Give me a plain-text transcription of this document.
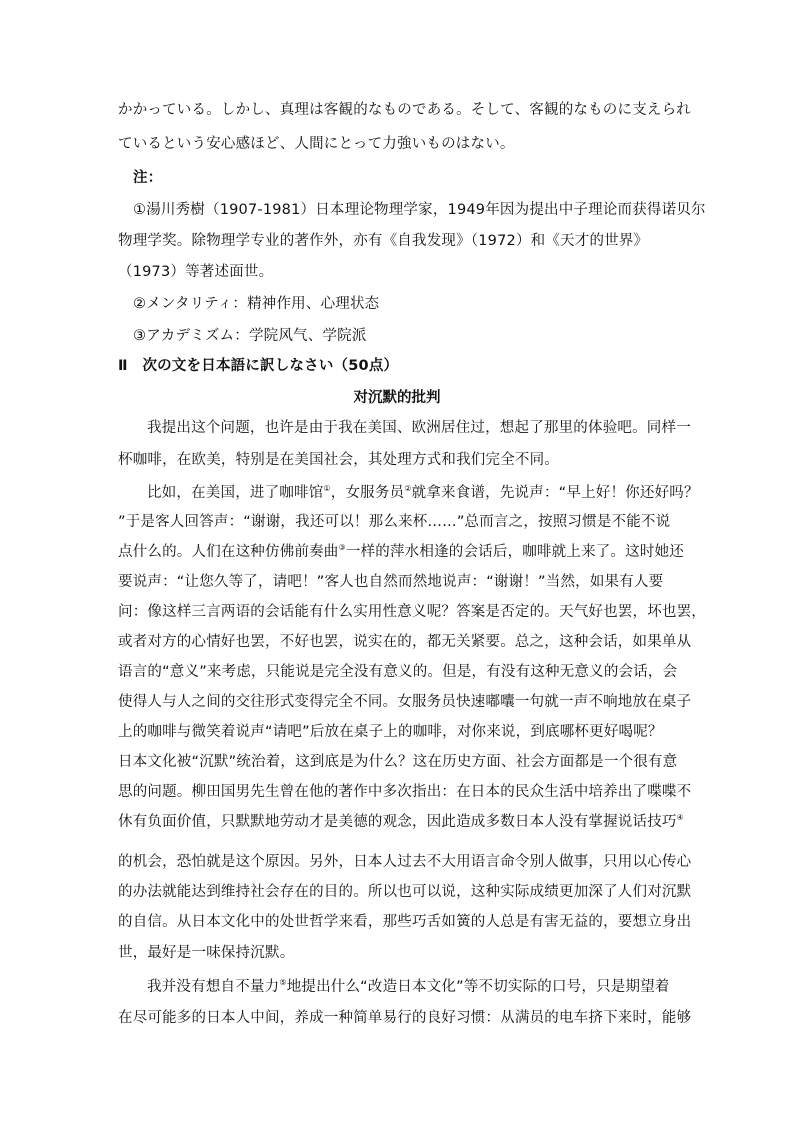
かかっている。しかし、真理は客観的なものである。そして、客観的なものに支えられ
ているという安心感ほど、人間にとって力強いものはない。
注：
①湯川秀樹（1907-1981）日本理论物理学家，1949年因为提出中子理论而获得诺贝尔
物理学奖。除物理学专业的著作外，亦有《自我发现》（1972）和《天才的世界》
（1973）等著述面世。
②メンタリティ：精神作用、心理状态
③アカデミズム：学院风气、学院派
Ⅱ　次の文を日本語に訳しなさい（50点）
对沉默的批判
我提出这个问题，也许是由于我在美国、欧洲居住过，想起了那里的体验吧。同样一
杯咖啡，在欧美，特别是在美国社会，其处理方式和我们完全不同。
比如，在美国，进了咖啡馆①，女服务员②就拿来食谱，先说声：“早上好！你还好吗？
”于是客人回答声：“谢谢，我还可以！那么来杯……”总而言之，按照习惯是不能不说
点什么的。人们在这种仿佛前奏曲③一样的萍水相逢的会话后，咖啡就上来了。这时她还
要说声：“让您久等了，请吧！”客人也自然而然地说声：“谢谢！”当然，如果有人要
问：像这样三言两语的会话能有什么实用性意义呢？答案是否定的。天气好也罢，坏也罢，
或者对方的心情好也罢，不好也罢，说实在的，都无关紧要。总之，这种会话，如果单从
语言的“意义”来考虑，只能说是完全没有意义的。但是，有没有这种无意义的会话，会
使得人与人之间的交往形式变得完全不同。女服务员快速嘟囔一句就一声不响地放在桌子
上的咖啡与微笑着说声“请吧”后放在桌子上的咖啡，对你来说，到底哪杯更好喝呢？
日本文化被“沉默”统治着，这到底是为什么？这在历史方面、社会方面都是一个很有意
思的问题。柳田国男先生曾在他的著作中多次指出：在日本的民众生活中培养出了喋喋不
休有负面价值，只默默地劳动才是美德的观念，因此造成多数日本人没有掌握说话技巧④
的机会，恐怕就是这个原因。另外，日本人过去不大用语言命令别人做事，只用以心传心
的办法就能达到维持社会存在的目的。所以也可以说，这种实际成绩更加深了人们对沉默
的自信。从日本文化中的处世哲学来看，那些巧舌如簧的人总是有害无益的，要想立身出
世，最好是一味保持沉默。
我并没有想自不量力⑤地提出什么“改造日本文化”等不切实际的口号，只是期望着
在尽可能多的日本人中间，养成一种简单易行的良好习惯：从满员的电车挤下来时，能够
